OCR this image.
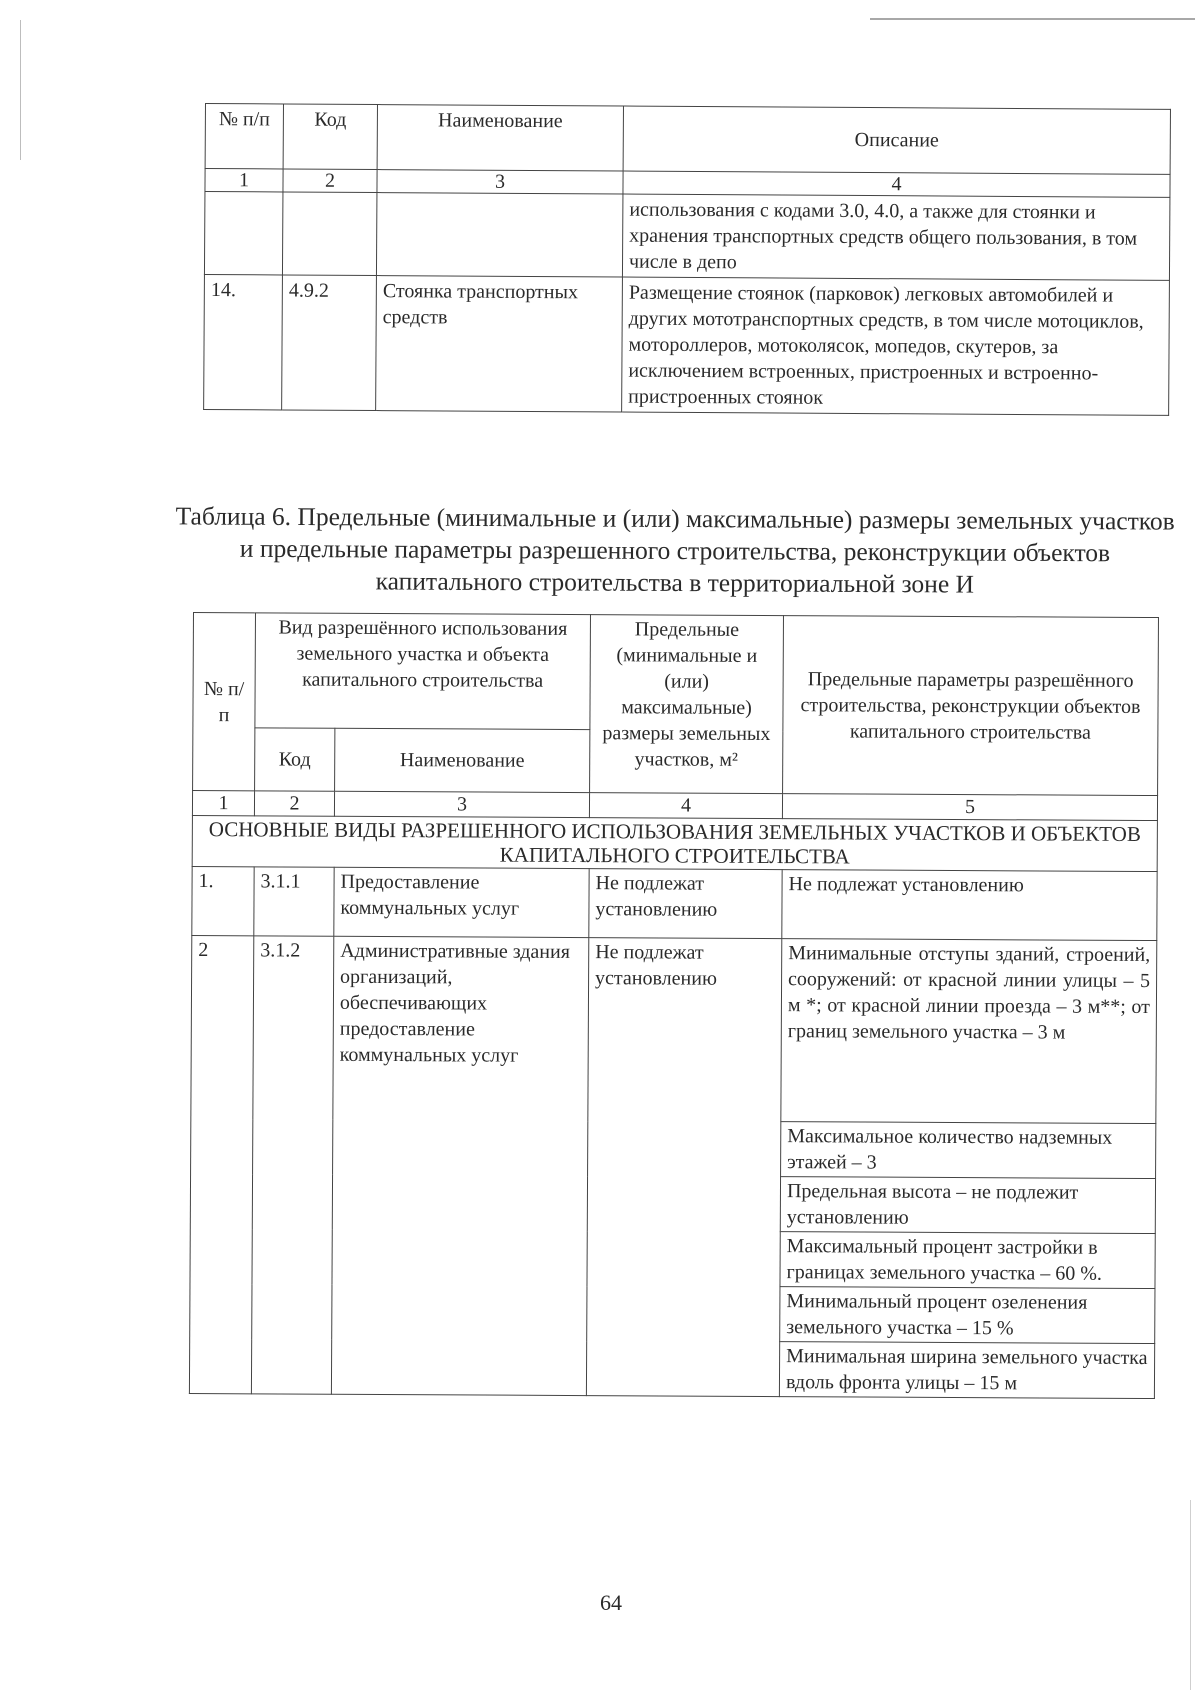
№ п/п	Код	Наименование	Описание
1	2	3	4
			использования с кодами 3.0, 4.0, а также для стоянки и хранения транспортных средств общего пользования, в том числе в депо
14.	4.9.2	Стоянка транспортных средств	Размещение стоянок (парковок) легковых автомобилей и других мототранспортных средств, в том числе мотоциклов, мотороллеров, мотоколясок, мопедов, скутеров, за исключением встроенных, пристроенных и встроенно-пристроенных стоянок
Таблица 6. Предельные (минимальные и (или) максимальные) размеры земельных участков и предельные параметры разрешенного строительства, реконструкции объектов капитального строительства в территориальной зоне И
№ п/п	Вид разрешённого использования земельного участка и объекта капитального строительства		Предельные (минимальные и (или) максимальные) размеры земельных участков, м²	Предельные параметры разрешённого строительства, реконструкции объектов капитального строительства
	Код	Наименование		
1	2	3	4	5
ОСНОВНЫЕ ВИДЫ РАЗРЕШЕННОГО ИСПОЛЬЗОВАНИЯ ЗЕМЕЛЬНЫХ УЧАСТКОВ И ОБЪЕКТОВ КАПИТАЛЬНОГО СТРОИТЕЛЬСТВА				
1.	3.1.1	Предоставление коммунальных услуг	Не подлежат установлению	Не подлежат установлению
2	3.1.2	Административные здания организаций, обеспечивающих предоставление коммунальных услуг	Не подлежат установлению	Минимальные отступы зданий, строений, сооружений: от красной линии улицы – 5 м *; от красной линии проезда – 3 м**; от границ земельного участка – 3 м
				Максимальное количество надземных этажей – 3
				Предельная высота – не подлежит установлению
				Максимальный процент застройки в границах земельного участка – 60 %.
				Минимальный процент озеленения земельного участка – 15 %
				Минимальная ширина земельного участка вдоль фронта улицы – 15 м
64
